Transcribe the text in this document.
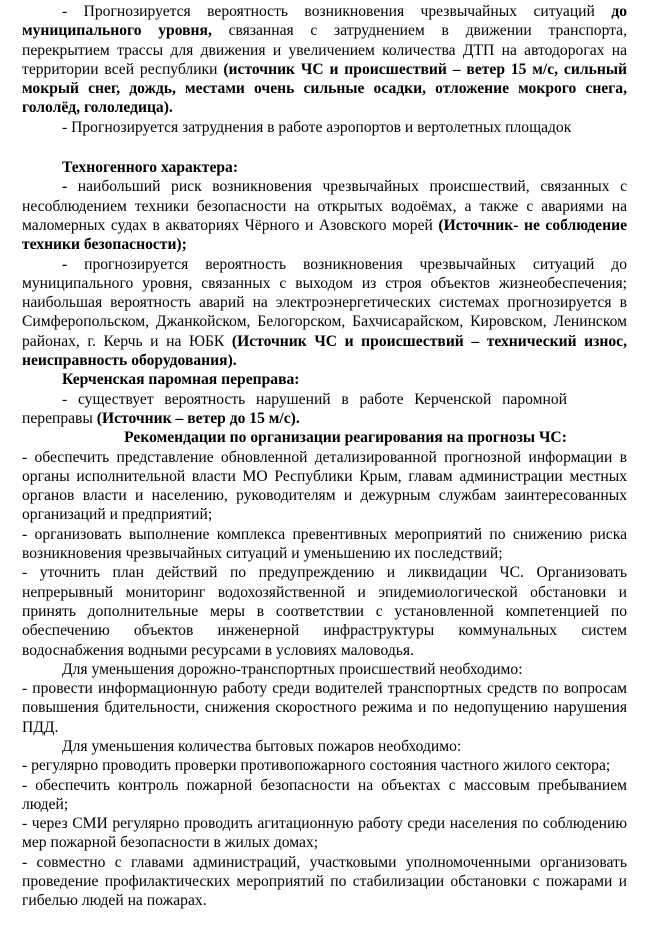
- Прогнозируется вероятность возникновения чрезвычайных ситуаций до муниципального уровня, связанная с затруднением в движении транспорта, перекрытием трассы для движения и увеличением количества ДТП на автодорогах на территории всей республики (источник ЧС и происшествий – ветер 15 м/с, сильный мокрый снег, дождь, местами очень сильные осадки, отложение мокрого снега, гололёд, гололедица).

- Прогнозируется затруднения в работе аэропортов и вертолетных площадок

Техногенного характера:

- наибольший риск возникновения чрезвычайных происшествий, связанных с несоблюдением техники безопасности на открытых водоёмах, а также с авариями на маломерных судах в акваториях Чёрного и Азовского морей (Источник- не соблюдение техники безопасности);

- прогнозируется вероятность возникновения чрезвычайных ситуаций до муниципального уровня, связанных с выходом из строя объектов жизнеобеспечения; наибольшая вероятность аварий на электроэнергетических системах прогнозируется в Симферопольском, Джанкойском, Белогорском, Бахчисарайском, Кировском, Ленинском районах, г. Керчь и на ЮБК (Источник ЧС и происшествий – технический износ, неисправность оборудования).

Керченская паромная переправа:

- существует вероятность нарушений в работе Керченской паромной переправы (Источник – ветер до 15 м/с).

Рекомендации по организации реагирования на прогнозы ЧС:

- обеспечить представление обновленной детализированной прогнозной информации в органы исполнительной власти МО Республики Крым, главам администрации местных органов власти и населению, руководителям и дежурным службам заинтересованных организаций и предприятий;

- организовать выполнение комплекса превентивных мероприятий по снижению риска возникновения чрезвычайных ситуаций и уменьшению их последствий;

- уточнить план действий по предупреждению и ликвидации ЧС. Организовать непрерывный мониторинг водохозяйственной и эпидемиологической обстановки и принять дополнительные меры в соответствии с установленной компетенцией по обеспечению объектов инженерной инфраструктуры коммунальных систем водоснабжения водными ресурсами в условиях маловодья.

Для уменьшения дорожно-транспортных происшествий необходимо:

- провести информационную работу среди водителей транспортных средств по вопросам повышения бдительности, снижения скоростного режима и по недопущению нарушения ПДД.

Для уменьшения количества бытовых пожаров необходимо:

- регулярно проводить проверки противопожарного состояния частного жилого сектора;

- обеспечить контроль пожарной безопасности на объектах с массовым пребыванием людей;

- через СМИ регулярно проводить агитационную работу среди населения по соблюдению мер пожарной безопасности в жилых домах;

- совместно с главами администраций, участковыми уполномоченными организовать проведение профилактических мероприятий по стабилизации обстановки с пожарами и гибелью людей на пожарах.
